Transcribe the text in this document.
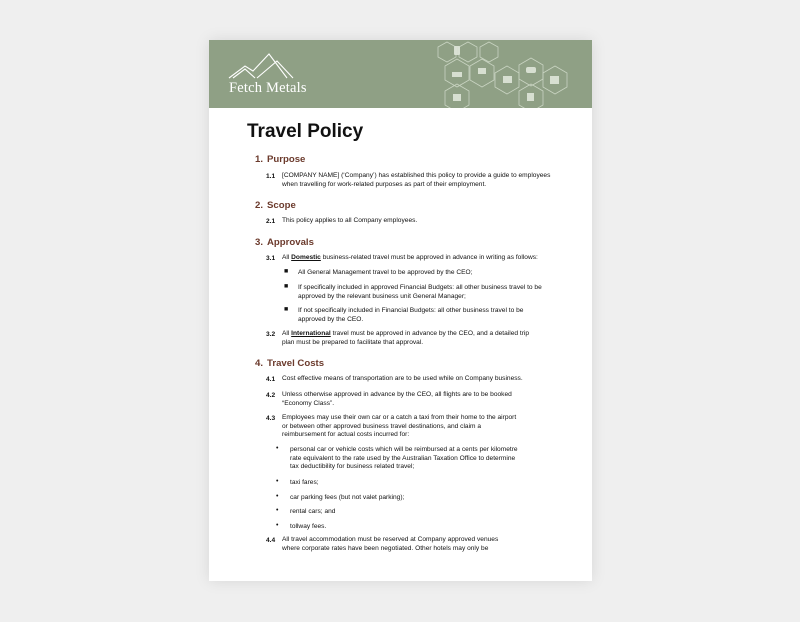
Fetch Metals
Travel Policy
1. Purpose
1.1 [COMPANY NAME] (‘Company’) has established this policy to provide a guide to employees
when travelling for work-related purposes as part of their employment.
2. Scope
2.1 This policy applies to all Company employees.
3. Approvals
3.1 All Domestic business-related travel must be approved in advance in writing as follows:
■ All General Management travel to be approved by the CEO;
■ If specifically included in approved Financial Budgets: all other business travel to be
approved by the relevant business unit General Manager;
■ If not specifically included in Financial Budgets: all other business travel to be
approved by the CEO.
3.2 All International travel must be approved in advance by the CEO, and a detailed trip
plan must be prepared to facilitate that approval.
4. Travel Costs
4.1 Cost effective means of transportation are to be used while on Company business.
4.2 Unless otherwise approved in advance by the CEO, all flights are to be booked
“Economy Class”.
4.3 Employees may use their own car or a catch a taxi from their home to the airport
or between other approved business travel destinations, and claim a
reimbursement for actual costs incurred for:
• personal car or vehicle costs which will be reimbursed at a cents per kilometre
rate equivalent to the rate used by the Australian Taxation Office to determine
tax deductibility for business related travel;
• taxi fares;
• car parking fees (but not valet parking);
• rental cars; and
• tollway fees.
4.4 All travel accommodation must be reserved at Company approved venues
where corporate rates have been negotiated. Other hotels may only be
